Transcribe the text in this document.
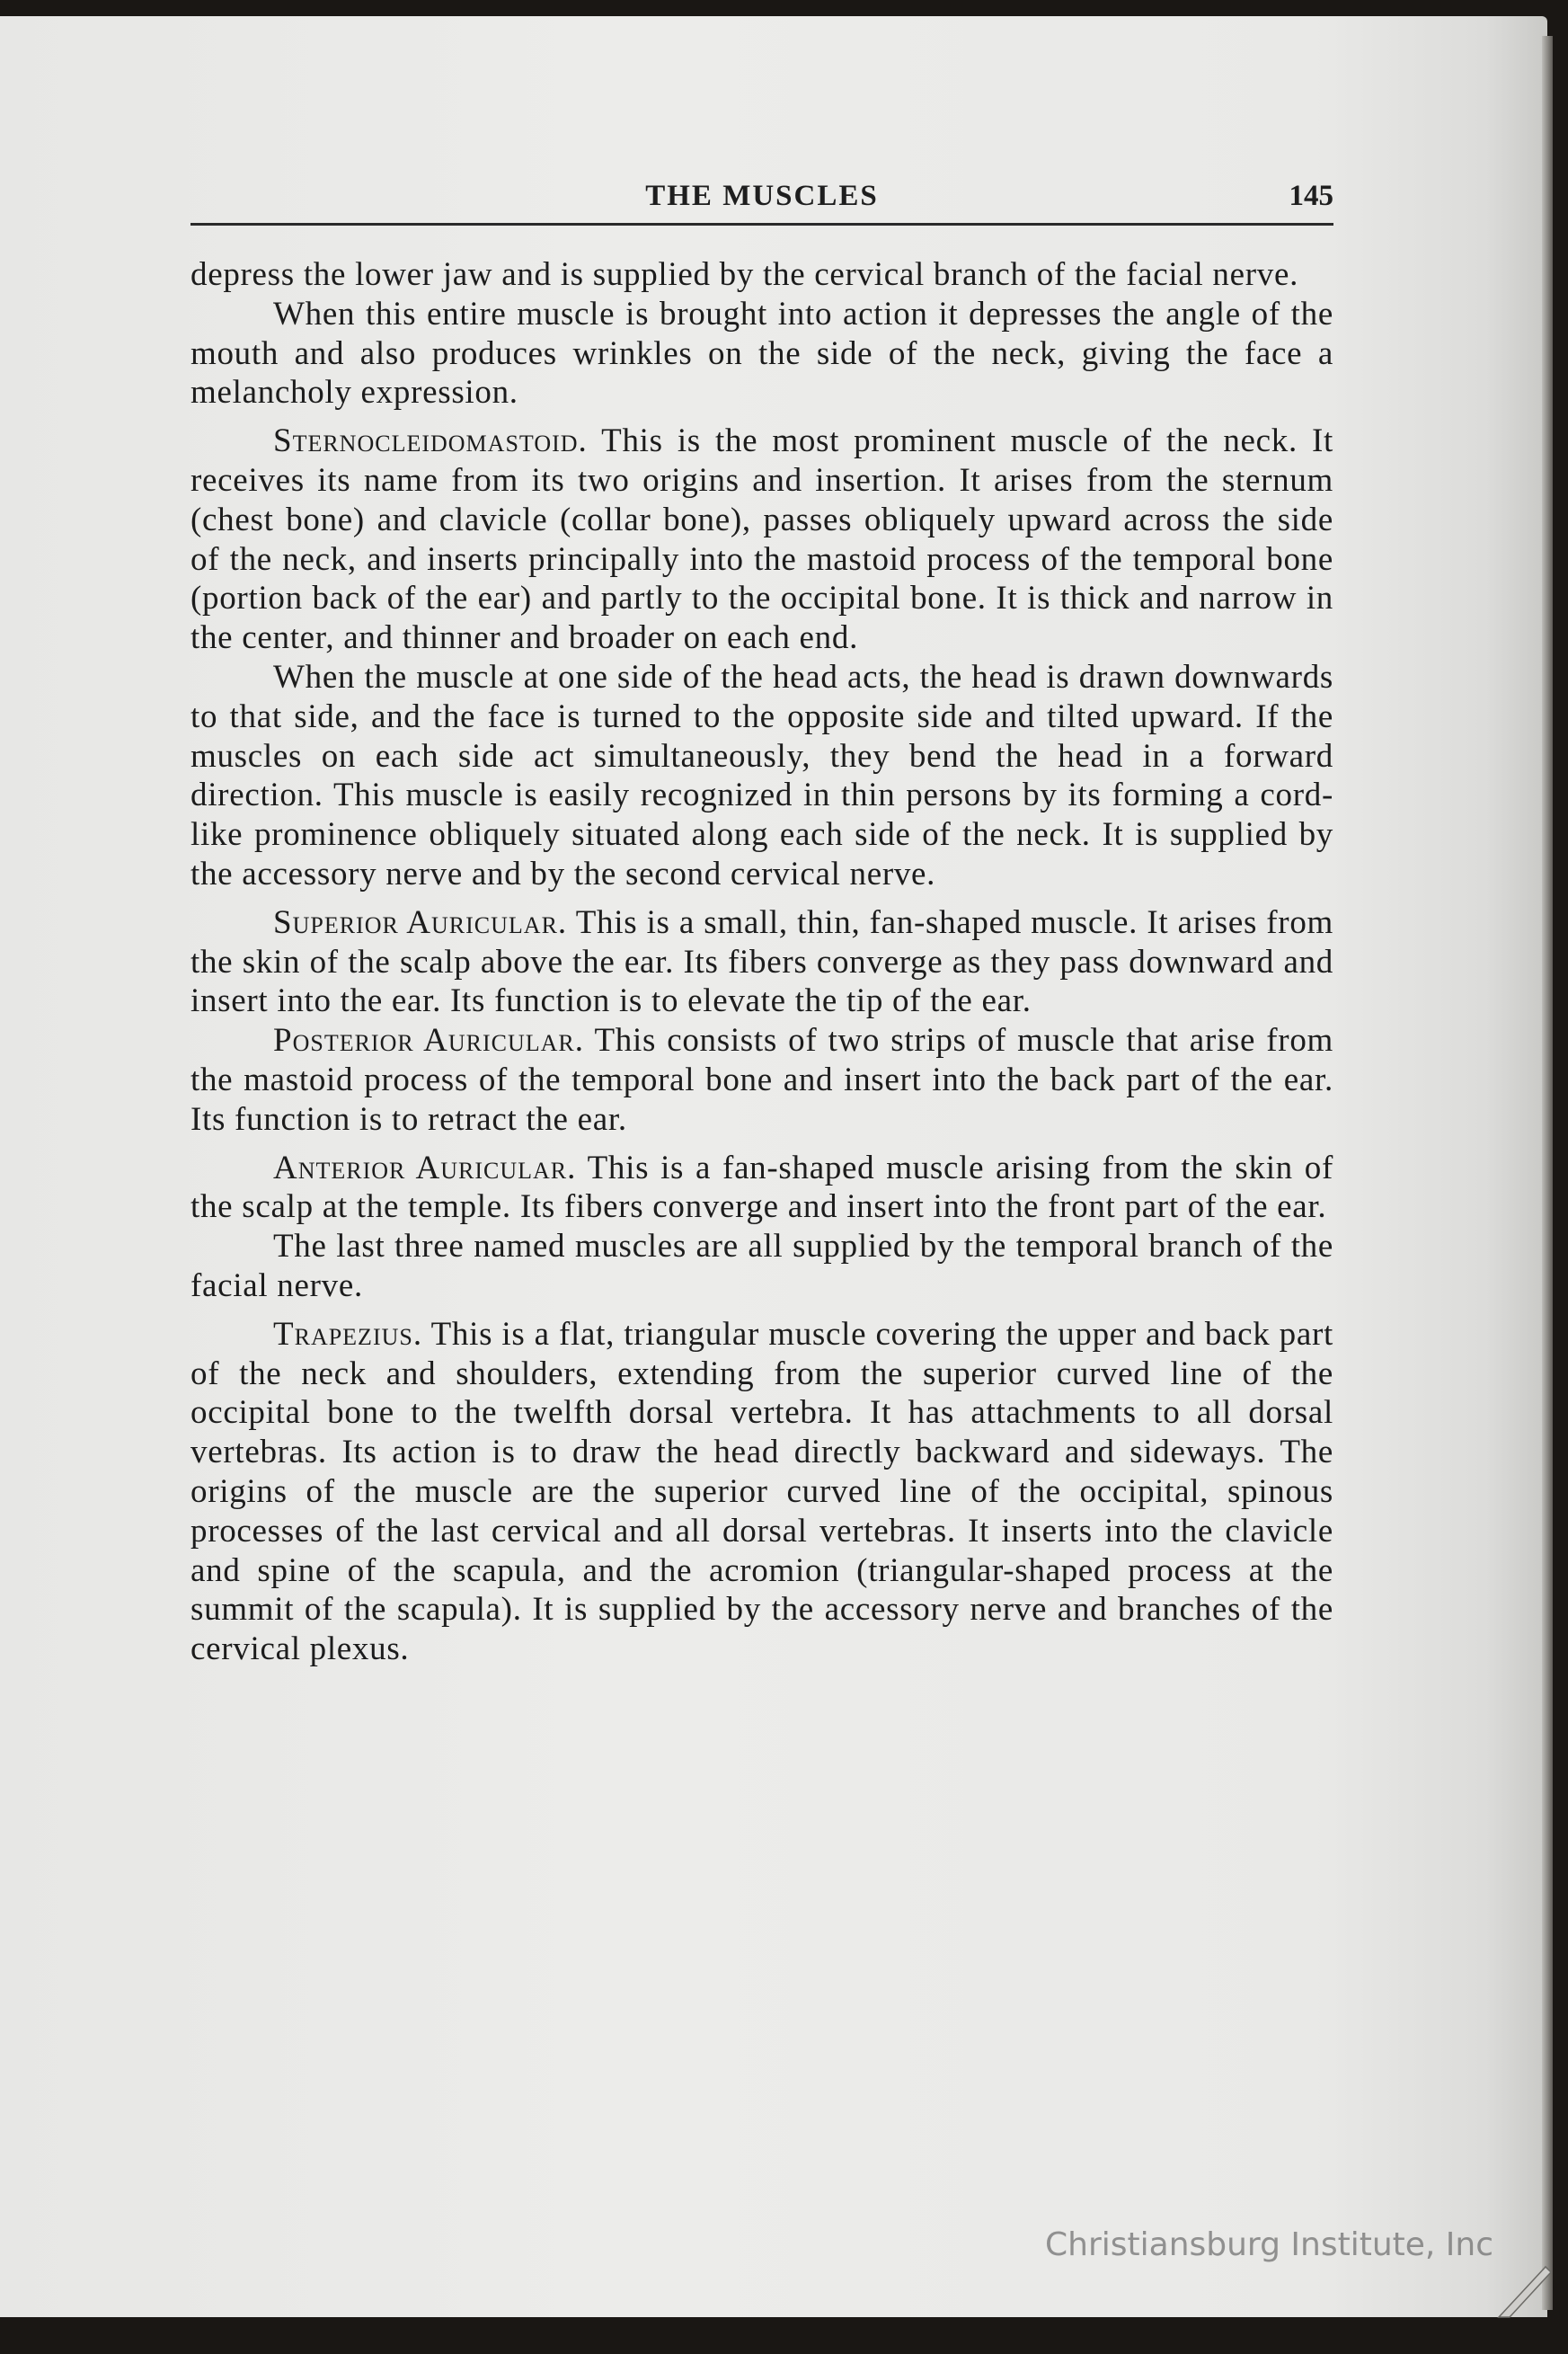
THE MUSCLES	145

depress the lower jaw and is supplied by the cervical branch of the facial nerve.

When this entire muscle is brought into action it depresses the angle of the mouth and also produces wrinkles on the side of the neck, giving the face a melancholy expression.

Sternocleidomastoid. This is the most prominent muscle of the neck. It receives its name from its two origins and insertion. It arises from the sternum (chest bone) and clavicle (collar bone), passes obliquely upward across the side of the neck, and inserts principally into the mastoid process of the temporal bone (portion back of the ear) and partly to the occipital bone. It is thick and narrow in the center, and thinner and broader on each end.

When the muscle at one side of the head acts, the head is drawn downwards to that side, and the face is turned to the opposite side and tilted upward. If the muscles on each side act simultaneously, they bend the head in a forward direction. This muscle is easily recognized in thin persons by its forming a cord-like prominence obliquely situated along each side of the neck. It is supplied by the accessory nerve and by the second cervical nerve.

Superior Auricular. This is a small, thin, fan-shaped muscle. It arises from the skin of the scalp above the ear. Its fibers converge as they pass downward and insert into the ear. Its function is to elevate the tip of the ear.

Posterior Auricular. This consists of two strips of muscle that arise from the mastoid process of the temporal bone and insert into the back part of the ear. Its function is to retract the ear.

Anterior Auricular. This is a fan-shaped muscle arising from the skin of the scalp at the temple. Its fibers converge and insert into the front part of the ear.

The last three named muscles are all supplied by the temporal branch of the facial nerve.

Trapezius. This is a flat, triangular muscle covering the upper and back part of the neck and shoulders, extending from the superior curved line of the occipital bone to the twelfth dorsal vertebra. It has attachments to all dorsal vertebras. Its action is to draw the head directly backward and sideways. The origins of the muscle are the superior curved line of the occipital, spinous processes of the last cervical and all dorsal vertebras. It inserts into the clavicle and spine of the scapula, and the acromion (triangular-shaped process at the summit of the scapula). It is supplied by the accessory nerve and branches of the cervical plexus.

Christiansburg Institute, Inc
